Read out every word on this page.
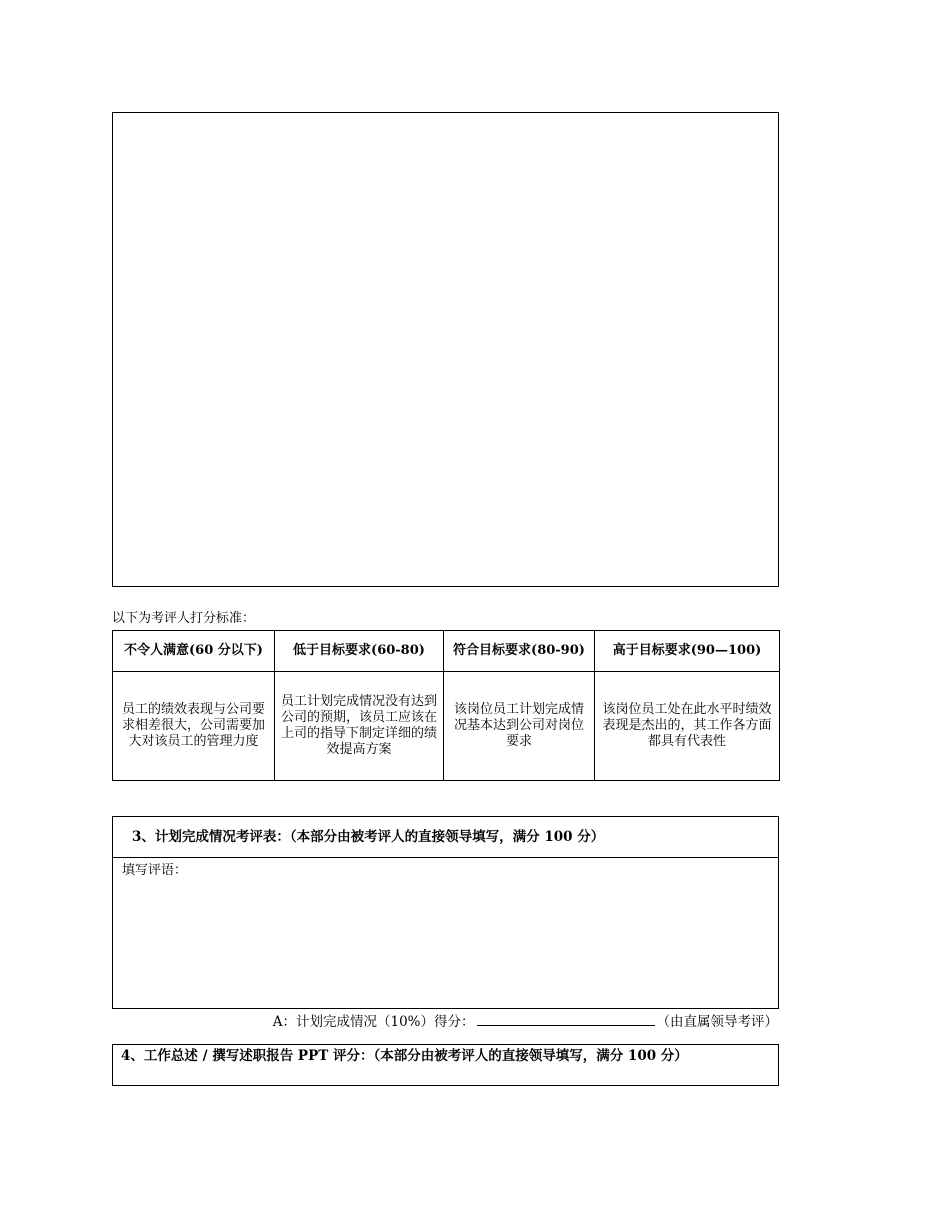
以下为考评人打分标准：
不令人满意(60 分以下)	低于目标要求(60-80)	符合目标要求(80-90)	高于目标要求(90—100)
员工的绩效表现与公司要求相差很大，公司需要加大对该员工的管理力度	员工计划完成情况没有达到公司的预期，该员工应该在上司的指导下制定详细的绩效提高方案	该岗位员工计划完成情况基本达到公司对岗位要求	该岗位员工处在此水平时绩效表现是杰出的，其工作各方面都具有代表性
3、计划完成情况考评表：（本部分由被考评人的直接领导填写，满分 100 分）
填写评语：
A：计划完成情况（10%）得分：	（由直属领导考评）
4、工作总述 / 撰写述职报告 PPT 评分：（本部分由被考评人的直接领导填写，满分 100 分）
